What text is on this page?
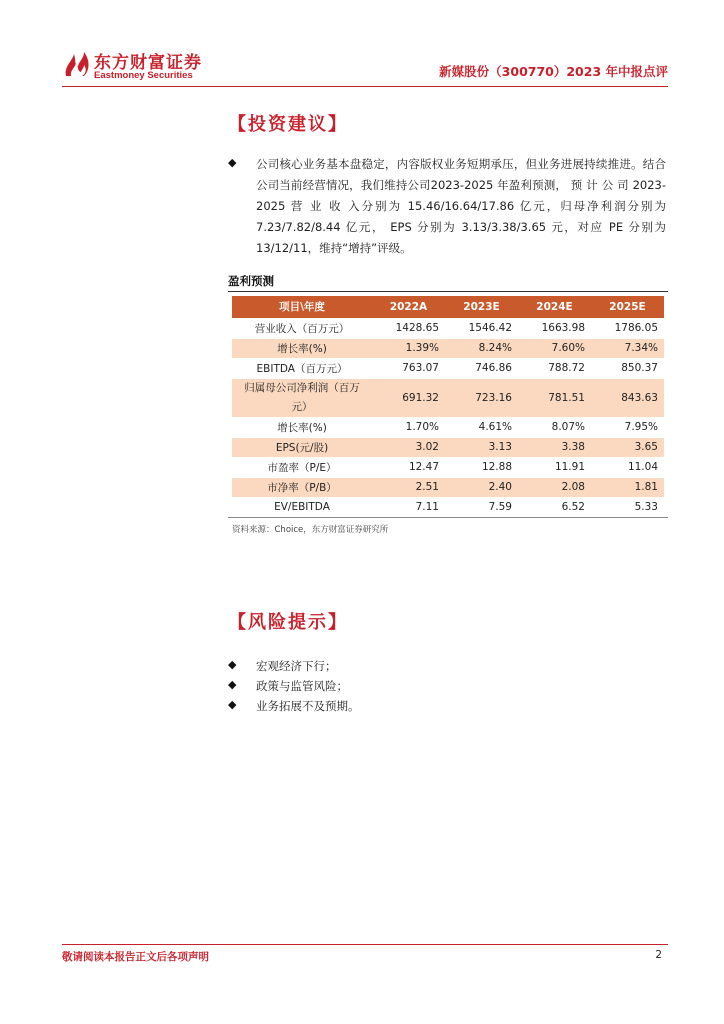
东方财富证券
Eastmoney Securities	新媒股份（300770）2023 年中报点评
【投资建议】
◆ 公司核心业务基本盘稳定，内容版权业务短期承压，但业务进展持续推进。结合公司当前经营情况，我们维持公司2023-2025 年盈利预测， 预 计 公 司 2023-2025 营 业 收 入分别为 15.46/16.64/17.86 亿元，归母净利润分别为 7.23/7.82/8.44 亿元， EPS 分别为 3.13/3.38/3.65 元，对应 PE 分别为 13/12/11，维持“增持”评级。

盈利预测
项目\年度	2022A	2023E	2024E	2025E
营业收入（百万元）	1428.65	1546.42	1663.98	1786.05
增长率(%)	1.39%	8.24%	7.60%	7.34%
EBITDA（百万元）	763.07	746.86	788.72	850.37
归属母公司净利润（百万元）	691.32	723.16	781.51	843.63
增长率(%)	1.70%	4.61%	8.07%	7.95%
EPS(元/股)	3.02	3.13	3.38	3.65
市盈率（P/E）	12.47	12.88	11.91	11.04
市净率（P/B）	2.51	2.40	2.08	1.81
EV/EBITDA	7.11	7.59	6.52	5.33
资料来源：Choice，东方财富证券研究所
【风险提示】
◆ 宏观经济下行；
◆ 政策与监管风险；
◆ 业务拓展不及预期。
敬请阅读本报告正文后各项声明	2
